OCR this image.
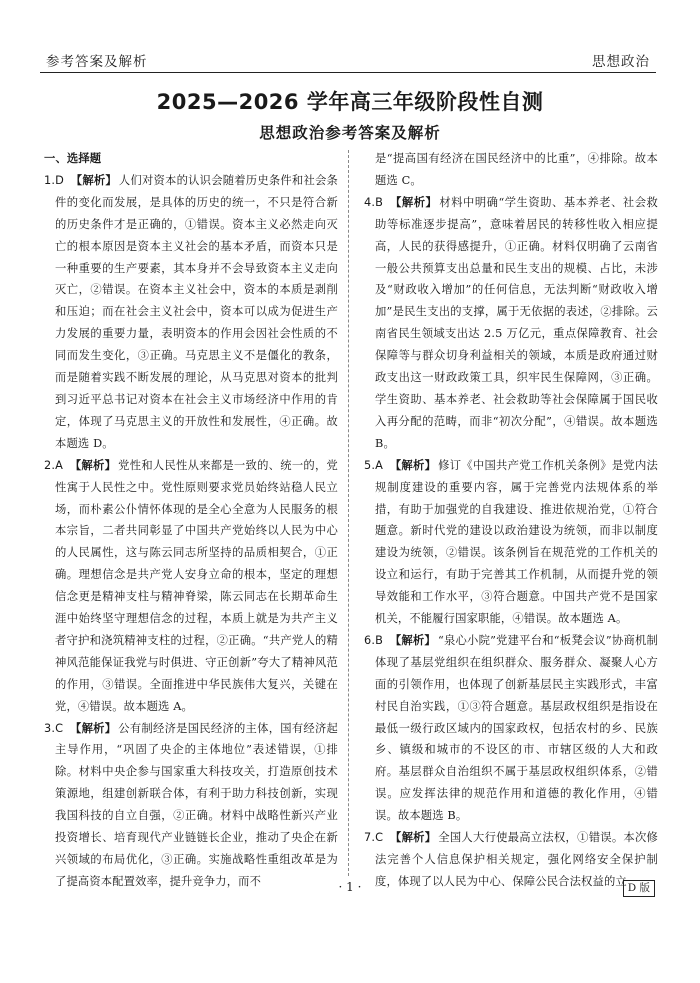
参考答案及解析	思想政治
2025—2026 学年高三年级阶段性自测
思想政治参考答案及解析
一、选择题
1.D 【解析】 人们对资本的认识会随着历史条件和社会条件的变化而发展，是具体的历史的统一，不只是符合新的历史条件才是正确的，①错误。资本主义必然走向灭亡的根本原因是资本主义社会的基本矛盾，而资本只是一种重要的生产要素，其本身并不会导致资本主义走向灭亡，②错误。在资本主义社会中，资本的本质是剥削和压迫；而在社会主义社会中，资本可以成为促进生产力发展的重要力量，表明资本的作用会因社会性质的不同而发生变化，③正确。马克思主义不是僵化的教条，而是随着实践不断发展的理论，从马克思对资本的批判到习近平总书记对资本在社会主义市场经济中作用的肯定，体现了马克思主义的开放性和发展性，④正确。故本题选 D。
2.A 【解析】 党性和人民性从来都是一致的、统一的，党性寓于人民性之中。党性原则要求党员始终站稳人民立场，而朴素公仆情怀体现的是全心全意为人民服务的根本宗旨，二者共同彰显了中国共产党始终以人民为中心的人民属性，这与陈云同志所坚持的品质相契合，①正确。理想信念是共产党人安身立命的根本，坚定的理想信念更是精神支柱与精神脊梁，陈云同志在长期革命生涯中始终坚守理想信念的过程，本质上就是为共产主义者守护和浇筑精神支柱的过程，②正确。“共产党人的精神风范能保证我党与时俱进、守正创新”夸大了精神风范的作用，③错误。全面推进中华民族伟大复兴，关键在党，④错误。故本题选 A。
3.C 【解析】 公有制经济是国民经济的主体，国有经济起主导作用，“巩固了央企的主体地位”表述错误，①排除。材料中央企参与国家重大科技攻关，打造原创技术策源地，组建创新联合体，有利于助力科技创新，实现我国科技的自立自强，②正确。材料中战略性新兴产业投资增长、培育现代产业链链长企业，推动了央企在新兴领域的布局优化，③正确。实施战略性重组改革是为了提高资本配置效率，提升竞争力，而不
是“提高国有经济在国民经济中的比重”，④排除。故本题选 C。
4.B 【解析】 材料中明确“学生资助、基本养老、社会救助等标准逐步提高”，意味着居民的转移性收入相应提高，人民的获得感提升，①正确。材料仅明确了云南省一般公共预算支出总量和民生支出的规模、占比，未涉及“财政收入增加”的任何信息，无法判断“财政收入增加”是民生支出的支撑，属于无依据的表述，②排除。云南省民生领域支出达 2.5 万亿元，重点保障教育、社会保障等与群众切身利益相关的领域，本质是政府通过财政支出这一财政政策工具，织牢民生保障网，③正确。学生资助、基本养老、社会救助等社会保障属于国民收入再分配的范畴，而非“初次分配”，④错误。故本题选 B。
5.A 【解析】 修订《中国共产党工作机关条例》是党内法规制度建设的重要内容，属于完善党内法规体系的举措，有助于加强党的自我建设、推进依规治党，①符合题意。新时代党的建设以政治建设为统领，而非以制度建设为统领，②错误。该条例旨在规范党的工作机关的设立和运行，有助于完善其工作机制，从而提升党的领导效能和工作水平，③符合题意。中国共产党不是国家机关，不能履行国家职能，④错误。故本题选 A。
6.B 【解析】 “泉心小院”党建平台和“板凳会议”协商机制体现了基层党组织在组织群众、服务群众、凝聚人心方面的引领作用，也体现了创新基层民主实践形式，丰富村民自治实践，①③符合题意。基层政权组织是指设在最低一级行政区域内的国家政权，包括农村的乡、民族乡、镇级和城市的不设区的市、市辖区级的人大和政府。基层群众自治组织不属于基层政权组织体系，②错误。应发挥法律的规范作用和道德的教化作用，④错误。故本题选 B。
7.C 【解析】 全国人大行使最高立法权，①错误。本次修法完善个人信息保护相关规定，强化网络安全保护制度，体现了以人民为中心、保障公民合法权益的立
· 1 ·	D 版
